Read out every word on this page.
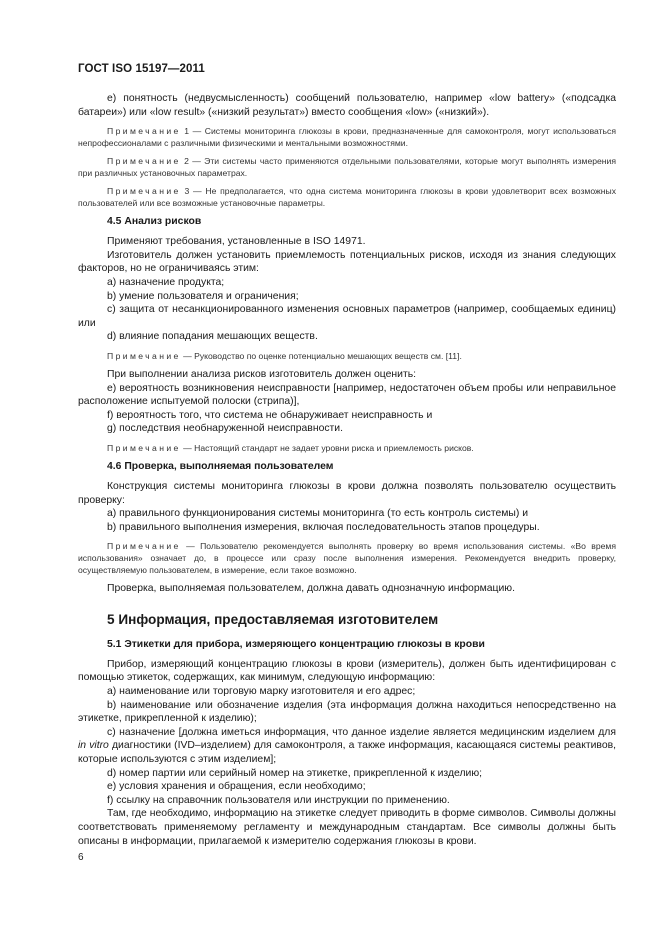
ГОСТ ISO 15197—2011

e) понятность (недвусмысленность) сообщений пользователю, например «low battery» («подсадка батареи») или «low result» («низкий результат») вместо сообщения «low» («низкий»).

Примечание 1 — Системы мониторинга глюкозы в крови, предназначенные для самоконтроля, могут использоваться непрофессионалами с различными физическими и ментальными возможностями.

Примечание 2 — Эти системы часто применяются отдельными пользователями, которые могут выполнять измерения при различных установочных параметрах.

Примечание 3 — Не предполагается, что одна система мониторинга глюкозы в крови удовлетворит всех возможных пользователей или все возможные установочные параметры.

4.5 Анализ рисков

Применяют требования, установленные в ISO 14971.

Изготовитель должен установить приемлемость потенциальных рисков, исходя из знания следующих факторов, но не ограничиваясь этим:

a) назначение продукта;

b) умение пользователя и ограничения;

c) защита от несанкционированного изменения основных параметров (например, сообщаемых единиц) или

d) влияние попадания мешающих веществ.

Примечание — Руководство по оценке потенциально мешающих веществ см. [11].

При выполнении анализа рисков изготовитель должен оценить:

e) вероятность возникновения неисправности [например, недостаточен объем пробы или неправильное расположение испытуемой полоски (стрипа)],

f) вероятность того, что система не обнаруживает неисправность и

g) последствия необнаруженной неисправности.

Примечание — Настоящий стандарт не задает уровни риска и приемлемость рисков.

4.6 Проверка, выполняемая пользователем

Конструкция системы мониторинга глюкозы в крови должна позволять пользователю осуществить проверку:

a) правильного функционирования системы мониторинга (то есть контроль системы) и

b) правильного выполнения измерения, включая последовательность этапов процедуры.

Примечание — Пользователю рекомендуется выполнять проверку во время использования системы. «Во время использования» означает до, в процессе или сразу после выполнения измерения. Рекомендуется внедрить проверку, осуществляемую пользователем, в измерение, если такое возможно.

Проверка, выполняемая пользователем, должна давать однозначную информацию.

5 Информация, предоставляемая изготовителем

5.1 Этикетки для прибора, измеряющего концентрацию глюкозы в крови

Прибор, измеряющий концентрацию глюкозы в крови (измеритель), должен быть идентифицирован с помощью этикеток, содержащих, как минимум, следующую информацию:

a) наименование или торговую марку изготовителя и его адрес;

b) наименование или обозначение изделия (эта информация должна находиться непосредственно на этикетке, прикрепленной к изделию);

c) назначение [должна иметься информация, что данное изделие является медицинским изделием для in vitro диагностики (IVD–изделием) для самоконтроля, а также информация, касающаяся системы реактивов, которые используются с этим изделием];

d) номер партии или серийный номер на этикетке, прикрепленной к изделию;

e) условия хранения и обращения, если необходимо;

f) ссылку на справочник пользователя или инструкции по применению.

Там, где необходимо, информацию на этикетке следует приводить в форме символов. Символы должны соответствовать применяемому регламенту и международным стандартам. Все символы должны быть описаны в информации, прилагаемой к измерителю содержания глюкозы в крови.

6
